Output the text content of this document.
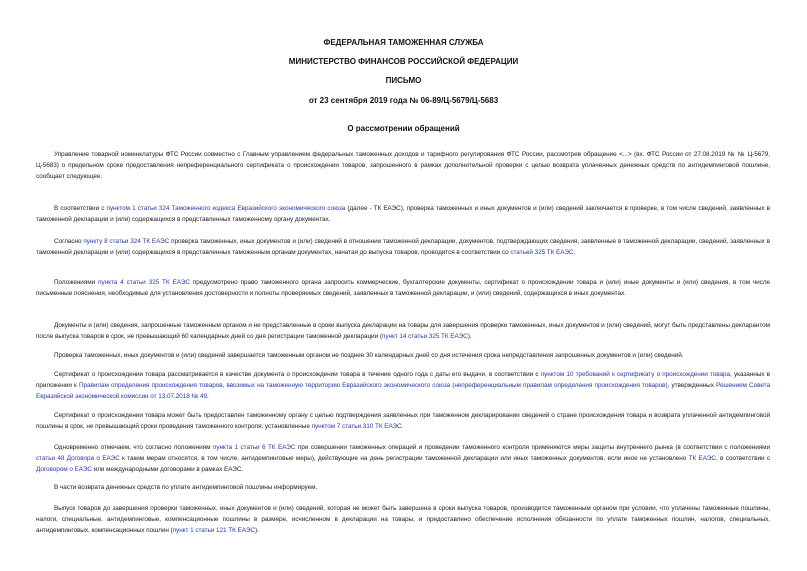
ФЕДЕРАЛЬНАЯ ТАМОЖЕННАЯ СЛУЖБА
МИНИСТЕРСТВО ФИНАНСОВ РОССИЙСКОЙ ФЕДЕРАЦИИ
ПИСЬМО
от 23 сентября 2019 года № 06-89/Ц-5679/Ц-5683
О рассмотрении обращений
Управление товарной номенклатуры ФТС России совместно с Главным управлением федеральных таможенных доходов и тарифного регулирования ФТС России, рассмотрев обращение <...> (вх. ФТС России от 27.08.2019 № № Ц-5679, Ц-5683) о предельном сроке предоставления непреференциального сертификата о происхождении товаров, запрошенного в рамках дополнительной проверки с целью возврата уплаченных денежных средств по антидемпинговой пошлине, сообщает следующее.
В соответствии с пунктом 1 статьи 324 Таможенного кодекса Евразийского экономического союза (далее - ТК ЕАЭС), проверка таможенных и иных документов и (или) сведений заключается в проверке, в том числе сведений, заявленных в таможенной декларации и (или) содержащихся в представленных таможенному органу документах.
Согласно пункту 8 статьи 324 ТК ЕАЭС проверка таможенных, иных документов и (или) сведений в отношении таможенной декларации, документов, подтверждающих сведения, заявленные в таможенной декларации, сведений, заявленных в таможенной декларации и (или) содержащихся в представленных таможенным органам документах, начатая до выпуска товаров, проводится в соответствии со статьей 325 ТК ЕАЭС.
Положениями пункта 4 статьи 325 ТК ЕАЭС предусмотрено право таможенного органа запросить коммерческие, бухгалтерские документы, сертификат о происхождении товара и (или) иные документы и (или) сведения, в том числе письменные пояснения, необходимые для установления достоверности и полноты проверяемых сведений, заявленных в таможенной декларации, и (или) сведений, содержащихся в иных документах.
Документы и (или) сведения, запрошенные таможенным органом и не представленные в сроки выпуска декларации на товары для завершения проверки таможенных, иных документов и (или) сведений, могут быть представлены декларантом после выпуска товаров в срок, не превышающий 60 календарных дней со дня регистрации таможенной декларации (пункт 14 статьи 325 ТК ЕАЭС).
Проверка таможенных, иных документов и (или) сведений завершается таможенным органом не позднее 30 календарных дней со дня истечения срока непредставления запрошенных документов и (или) сведений.
Сертификат о происхождении товара рассматривается в качестве документа о происхождении товара в течение одного года с даты его выдачи, в соответствии с пунктом 10 требований к сертификату о происхождении товара, указанных в приложении к Правилам определения происхождения товаров, ввозимых на таможенную территорию Евразийского экономического союза (непреференциальным правилам определения происхождения товаров), утвержденных Решением Совета Евразийской экономической комиссии от 13.07.2018 № 49.
Сертификат о происхождении товара может быть предоставлен таможенному органу с целью подтверждения заявленных при таможенном декларировании сведений о стране происхождения товара и возврата уплаченной антидемпинговой пошлины в срок, не превышающий сроки проведения таможенного контроля, установленные пунктом 7 статьи 310 ТК ЕАЭС.
Одновременно отмечаем, что согласно положениям пункта 1 статьи 6 ТК ЕАЭС при совершении таможенных операций и проведении таможенного контроля применяются меры защиты внутреннего рынка (в соответствии с положениями статьи 48 Договора о ЕАЭС к таким мерам относятся, в том числе, антидемпинговые меры), действующие на день регистрации таможенной декларации или иных таможенных документов, если иное не установлено ТК ЕАЭС, в соответствии с Договором о ЕАЭС или международными договорами в рамках ЕАЭС.
В части возврата денежных средств по уплате антидемпинговой пошлины информируем.
Выпуск товаров до завершения проверки таможенных, иных документов и (или) сведений, которая не может быть завершена в сроки выпуска товаров, производится таможенным органом при условии, что уплачены таможенные пошлины, налоги, специальные, антидемпинговые, компенсационные пошлины в размере, исчисленном в декларации на товары, и предоставлено обеспечение исполнения обязанности по уплате таможенных пошлин, налогов, специальных, антидемпинговых, компенсационных пошлин (пункт 1 статьи 121 ТК ЕАЭС).
